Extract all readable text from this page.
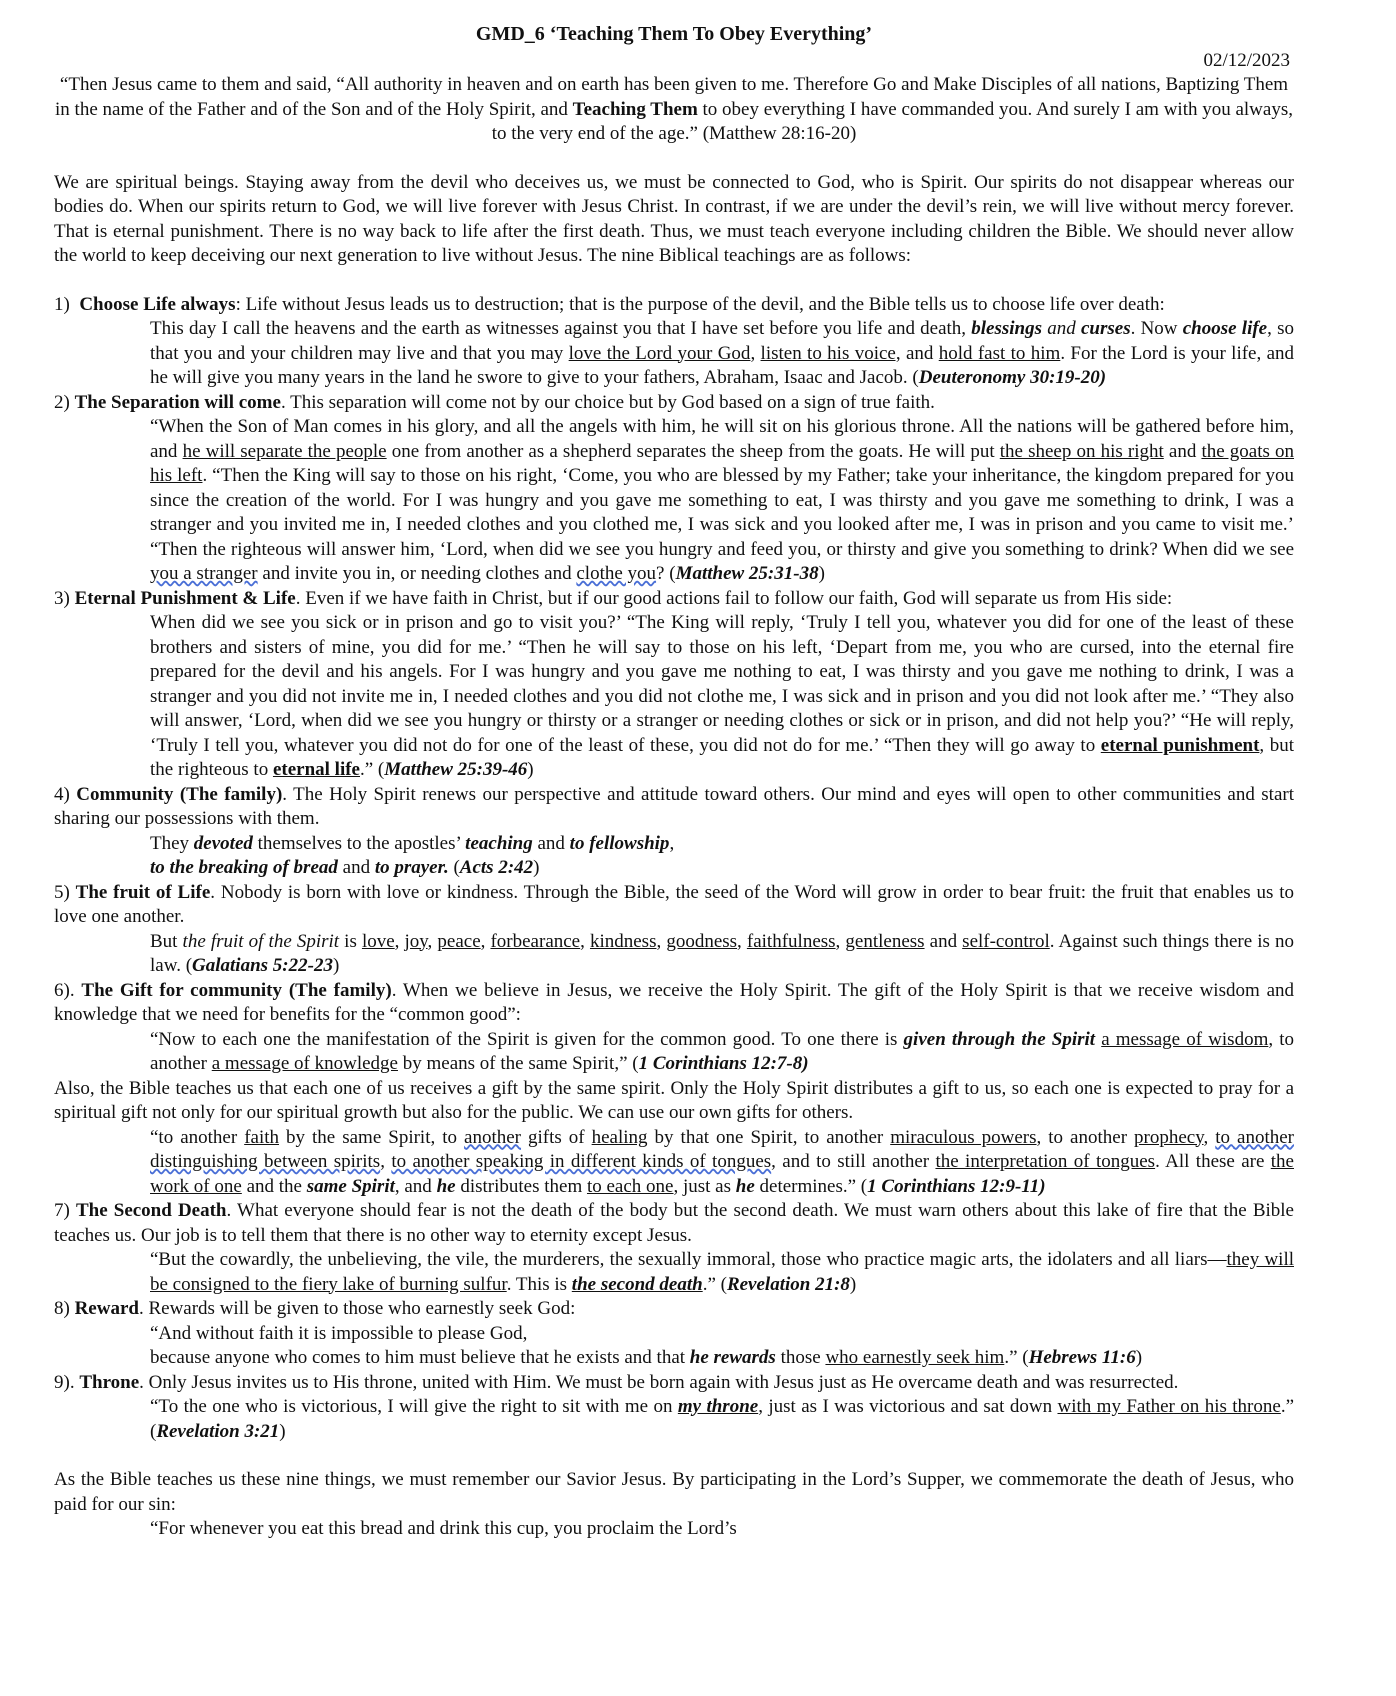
GMD_6 ‘Teaching Them To Obey Everything’
02/12/2023

“Then Jesus came to them and said, “All authority in heaven and on earth has been given to me. Therefore Go and Make Disciples of all nations, Baptizing Them in the name of the Father and of the Son and of the Holy Spirit, and Teaching Them to obey everything I have commanded you. And surely I am with you always, to the very end of the age.” (Matthew 28:16-20)

We are spiritual beings. Staying away from the devil who deceives us, we must be connected to God, who is Spirit. Our spirits do not disappear whereas our bodies do. When our spirits return to God, we will live forever with Jesus Christ. In contrast, if we are under the devil’s rein, we will live without mercy forever. That is eternal punishment. There is no way back to life after the first death. Thus, we must teach everyone including children the Bible. We should never allow the world to keep deceiving our next generation to live without Jesus. The nine Biblical teachings are as follows:

1)  Choose Life always: Life without Jesus leads us to destruction; that is the purpose of the devil, and the Bible tells us to choose life over death:

This day I call the heavens and the earth as witnesses against you that I have set before you life and death, blessings and curses. Now choose life, so that you and your children may live and that you may love the Lord your God, listen to his voice, and hold fast to him. For the Lord is your life, and he will give you many years in the land he swore to give to your fathers, Abraham, Isaac and Jacob. (Deuteronomy 30:19-20)

2) The Separation will come. This separation will come not by our choice but by God based on a sign of true faith.

“When the Son of Man comes in his glory, and all the angels with him, he will sit on his glorious throne. All the nations will be gathered before him, and he will separate the people one from another as a shepherd separates the sheep from the goats. He will put the sheep on his right and the goats on his left. “Then the King will say to those on his right, ‘Come, you who are blessed by my Father; take your inheritance, the kingdom prepared for you since the creation of the world. For I was hungry and you gave me something to eat, I was thirsty and you gave me something to drink, I was a stranger and you invited me in, I needed clothes and you clothed me, I was sick and you looked after me, I was in prison and you came to visit me.’ “Then the righteous will answer him, ‘Lord, when did we see you hungry and feed you, or thirsty and give you something to drink? When did we see you a stranger and invite you in, or needing clothes and clothe you? (Matthew 25:31-38)

3) Eternal Punishment & Life. Even if we have faith in Christ, but if our good actions fail to follow our faith, God will separate us from His side:

When did we see you sick or in prison and go to visit you?’ “The King will reply, ‘Truly I tell you, whatever you did for one of the least of these brothers and sisters of mine, you did for me.’ “Then he will say to those on his left, ‘Depart from me, you who are cursed, into the eternal fire prepared for the devil and his angels. For I was hungry and you gave me nothing to eat, I was thirsty and you gave me nothing to drink, I was a stranger and you did not invite me in, I needed clothes and you did not clothe me, I was sick and in prison and you did not look after me.’ “They also will answer, ‘Lord, when did we see you hungry or thirsty or a stranger or needing clothes or sick or in prison, and did not help you?’ “He will reply, ‘Truly I tell you, whatever you did not do for one of the least of these, you did not do for me.’ “Then they will go away to eternal punishment, but the righteous to eternal life.” (Matthew 25:39-46)

4) Community (The family). The Holy Spirit renews our perspective and attitude toward others. Our mind and eyes will open to other communities and start sharing our possessions with them.

They devoted themselves to the apostles’ teaching and to fellowship,

to the breaking of bread and to prayer. (Acts 2:42)

5) The fruit of Life. Nobody is born with love or kindness. Through the Bible, the seed of the Word will grow in order to bear fruit: the fruit that enables us to love one another.

But the fruit of the Spirit is love, joy, peace, forbearance, kindness, goodness, faithfulness, gentleness and self-control. Against such things there is no law. (Galatians 5:22-23)

6). The Gift for community (The family). When we believe in Jesus, we receive the Holy Spirit. The gift of the Holy Spirit is that we receive wisdom and knowledge that we need for benefits for the “common good”:

“Now to each one the manifestation of the Spirit is given for the common good. To one there is given through the Spirit a message of wisdom, to another a message of knowledge by means of the same Spirit,” (1 Corinthians 12:7-8)

Also, the Bible teaches us that each one of us receives a gift by the same spirit. Only the Holy Spirit distributes a gift to us, so each one is expected to pray for a spiritual gift not only for our spiritual growth but also for the public. We can use our own gifts for others.

“to another faith by the same Spirit, to another gifts of healing by that one Spirit, to another miraculous powers, to another prophecy, to another distinguishing between spirits, to another speaking in different kinds of tongues, and to still another the interpretation of tongues. All these are the work of one and the same Spirit, and he distributes them to each one, just as he determines.” (1 Corinthians 12:9-11)

7) The Second Death. What everyone should fear is not the death of the body but the second death. We must warn others about this lake of fire that the Bible teaches us. Our job is to tell them that there is no other way to eternity except Jesus.

“But the cowardly, the unbelieving, the vile, the murderers, the sexually immoral, those who practice magic arts, the idolaters and all liars—they will be consigned to the fiery lake of burning sulfur. This is the second death.” (Revelation 21:8)

8) Reward. Rewards will be given to those who earnestly seek God:

“And without faith it is impossible to please God,

because anyone who comes to him must believe that he exists and that he rewards those who earnestly seek him.” (Hebrews 11:6)

9). Throne. Only Jesus invites us to His throne, united with Him. We must be born again with Jesus just as He overcame death and was resurrected.

“To the one who is victorious, I will give the right to sit with me on my throne, just as I was victorious and sat down with my Father on his throne.” (Revelation 3:21)

As the Bible teaches us these nine things, we must remember our Savior Jesus. By participating in the Lord’s Supper, we commemorate the death of Jesus, who paid for our sin:

“For whenever you eat this bread and drink this cup, you proclaim the Lord’s
